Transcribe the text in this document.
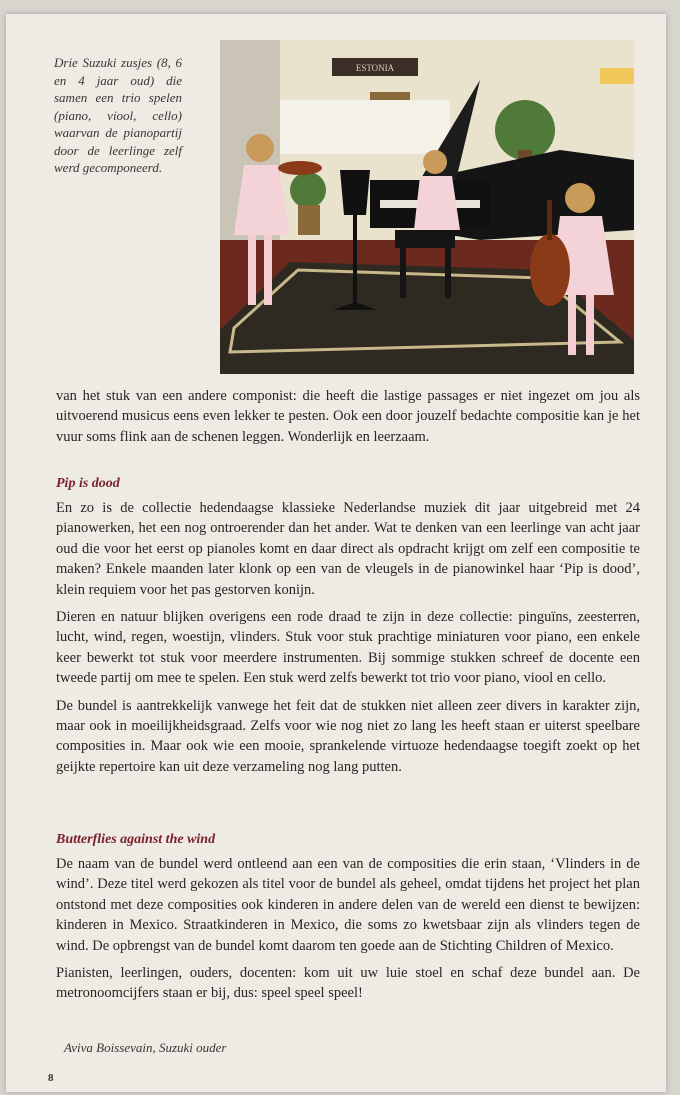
Drie Suzuki zusjes (8, 6 en 4 jaar oud) die samen een trio spelen (piano, viool, cello) waarvan de pianopartij door de leerlinge zelf werd gecomponeerd.
ESTONIA

van het stuk van een andere componist: die heeft die lastige passages er niet ingezet om jou als uitvoerend musicus eens even lekker te pesten. Ook een door jouzelf bedachte compositie kan je het vuur soms flink aan de schenen leggen. Wonderlijk en leerzaam.

Pip is dood

En zo is de collectie hedendaagse klassieke Nederlandse muziek dit jaar uitgebreid met 24 pianowerken, het een nog ontroerender dan het ander. Wat te denken van een leerlinge van acht jaar oud die voor het eerst op pianoles komt en daar direct als opdracht krijgt om zelf een compositie te maken? Enkele maanden later klonk op een van de vleugels in de pianowinkel haar ‘Pip is dood’, klein requiem voor het pas gestorven konijn.

Dieren en natuur blijken overigens een rode draad te zijn in deze collectie: pinguïns, zeesterren, lucht, wind, regen, woestijn, vlinders. Stuk voor stuk prachtige miniaturen voor piano, een enkele keer bewerkt tot stuk voor meerdere instrumenten. Bij sommige stukken schreef de docente een tweede partij om mee te spelen. Een stuk werd zelfs bewerkt tot trio voor piano, viool en cello.

De bundel is aantrekkelijk vanwege het feit dat de stukken niet alleen zeer divers in karakter zijn, maar ook in moeilijkheidsgraad. Zelfs voor wie nog niet zo lang les heeft staan er uiterst speelbare composities in. Maar ook wie een mooie, sprankelende virtuoze hedendaagse toegift zoekt op het geijkte repertoire kan uit deze verzameling nog lang putten.

Butterflies against the wind

De naam van de bundel werd ontleend aan een van de composities die erin staan, ‘Vlinders in de wind’. Deze titel werd gekozen als titel voor de bundel als geheel, omdat tijdens het project het plan ontstond met deze composities ook kinderen in andere delen van de wereld een dienst te bewijzen: kinderen in Mexico. Straatkinderen in Mexico, die soms zo kwetsbaar zijn als vlinders tegen de wind. De opbrengst van de bundel komt daarom ten goede aan de Stichting Children of Mexico.

Pianisten, leerlingen, ouders, docenten: kom uit uw luie stoel en schaf deze bundel aan. De metronoomcijfers staan er bij, dus: speel speel speel!

Aviva Boissevain, Suzuki ouder
8
